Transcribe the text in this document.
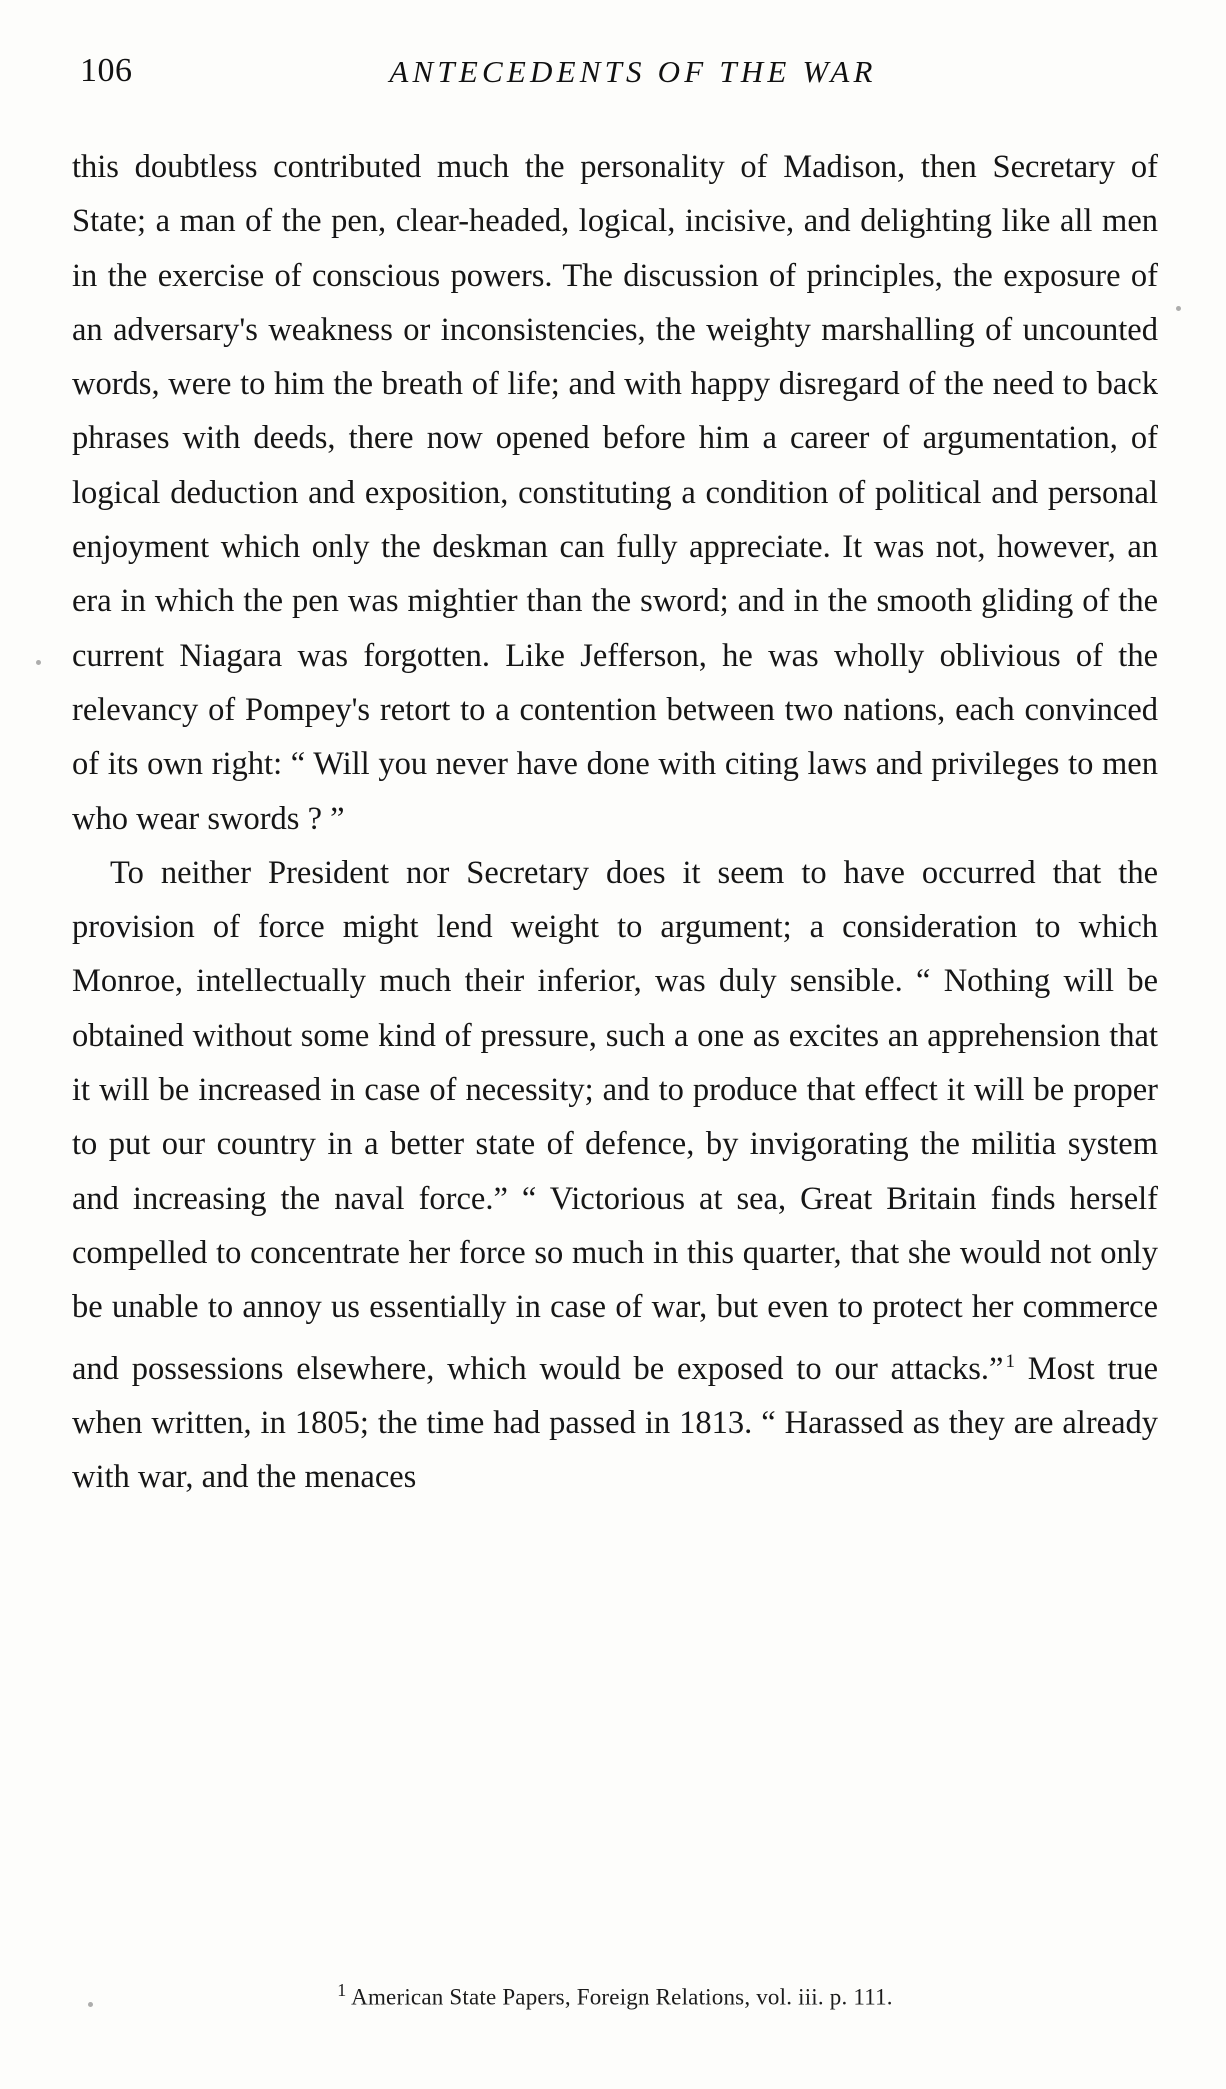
106	ANTECEDENTS OF THE WAR

this doubtless contributed much the personality of Madison, then Secretary of State; a man of the pen, clear-headed, logical, incisive, and delighting like all men in the exercise of conscious powers. The discussion of principles, the exposure of an adversary's weakness or inconsistencies, the weighty marshalling of uncounted words, were to him the breath of life; and with happy disregard of the need to back phrases with deeds, there now opened before him a career of argumentation, of logical deduction and exposition, constituting a condition of political and personal enjoyment which only the deskman can fully appreciate. It was not, however, an era in which the pen was mightier than the sword; and in the smooth gliding of the current Niagara was forgotten. Like Jefferson, he was wholly oblivious of the relevancy of Pompey's retort to a contention between two nations, each convinced of its own right: “ Will you never have done with citing laws and privileges to men who wear swords ? ”

To neither President nor Secretary does it seem to have occurred that the provision of force might lend weight to argument; a consideration to which Monroe, intellectually much their inferior, was duly sensible. “ Nothing will be obtained without some kind of pressure, such a one as excites an apprehension that it will be increased in case of necessity; and to produce that effect it will be proper to put our country in a better state of defence, by invigorating the militia system and increasing the naval force.” “ Victorious at sea, Great Britain finds herself compelled to concentrate her force so much in this quarter, that she would not only be unable to annoy us essentially in case of war, but even to protect her commerce and possessions elsewhere, which would be exposed to our attacks.” $^1$ Most true when written, in 1805; the time had passed in 1813. “ Harassed as they are already with war, and the menaces

$^1$ American State Papers, Foreign Relations, vol. iii. p. 111.
